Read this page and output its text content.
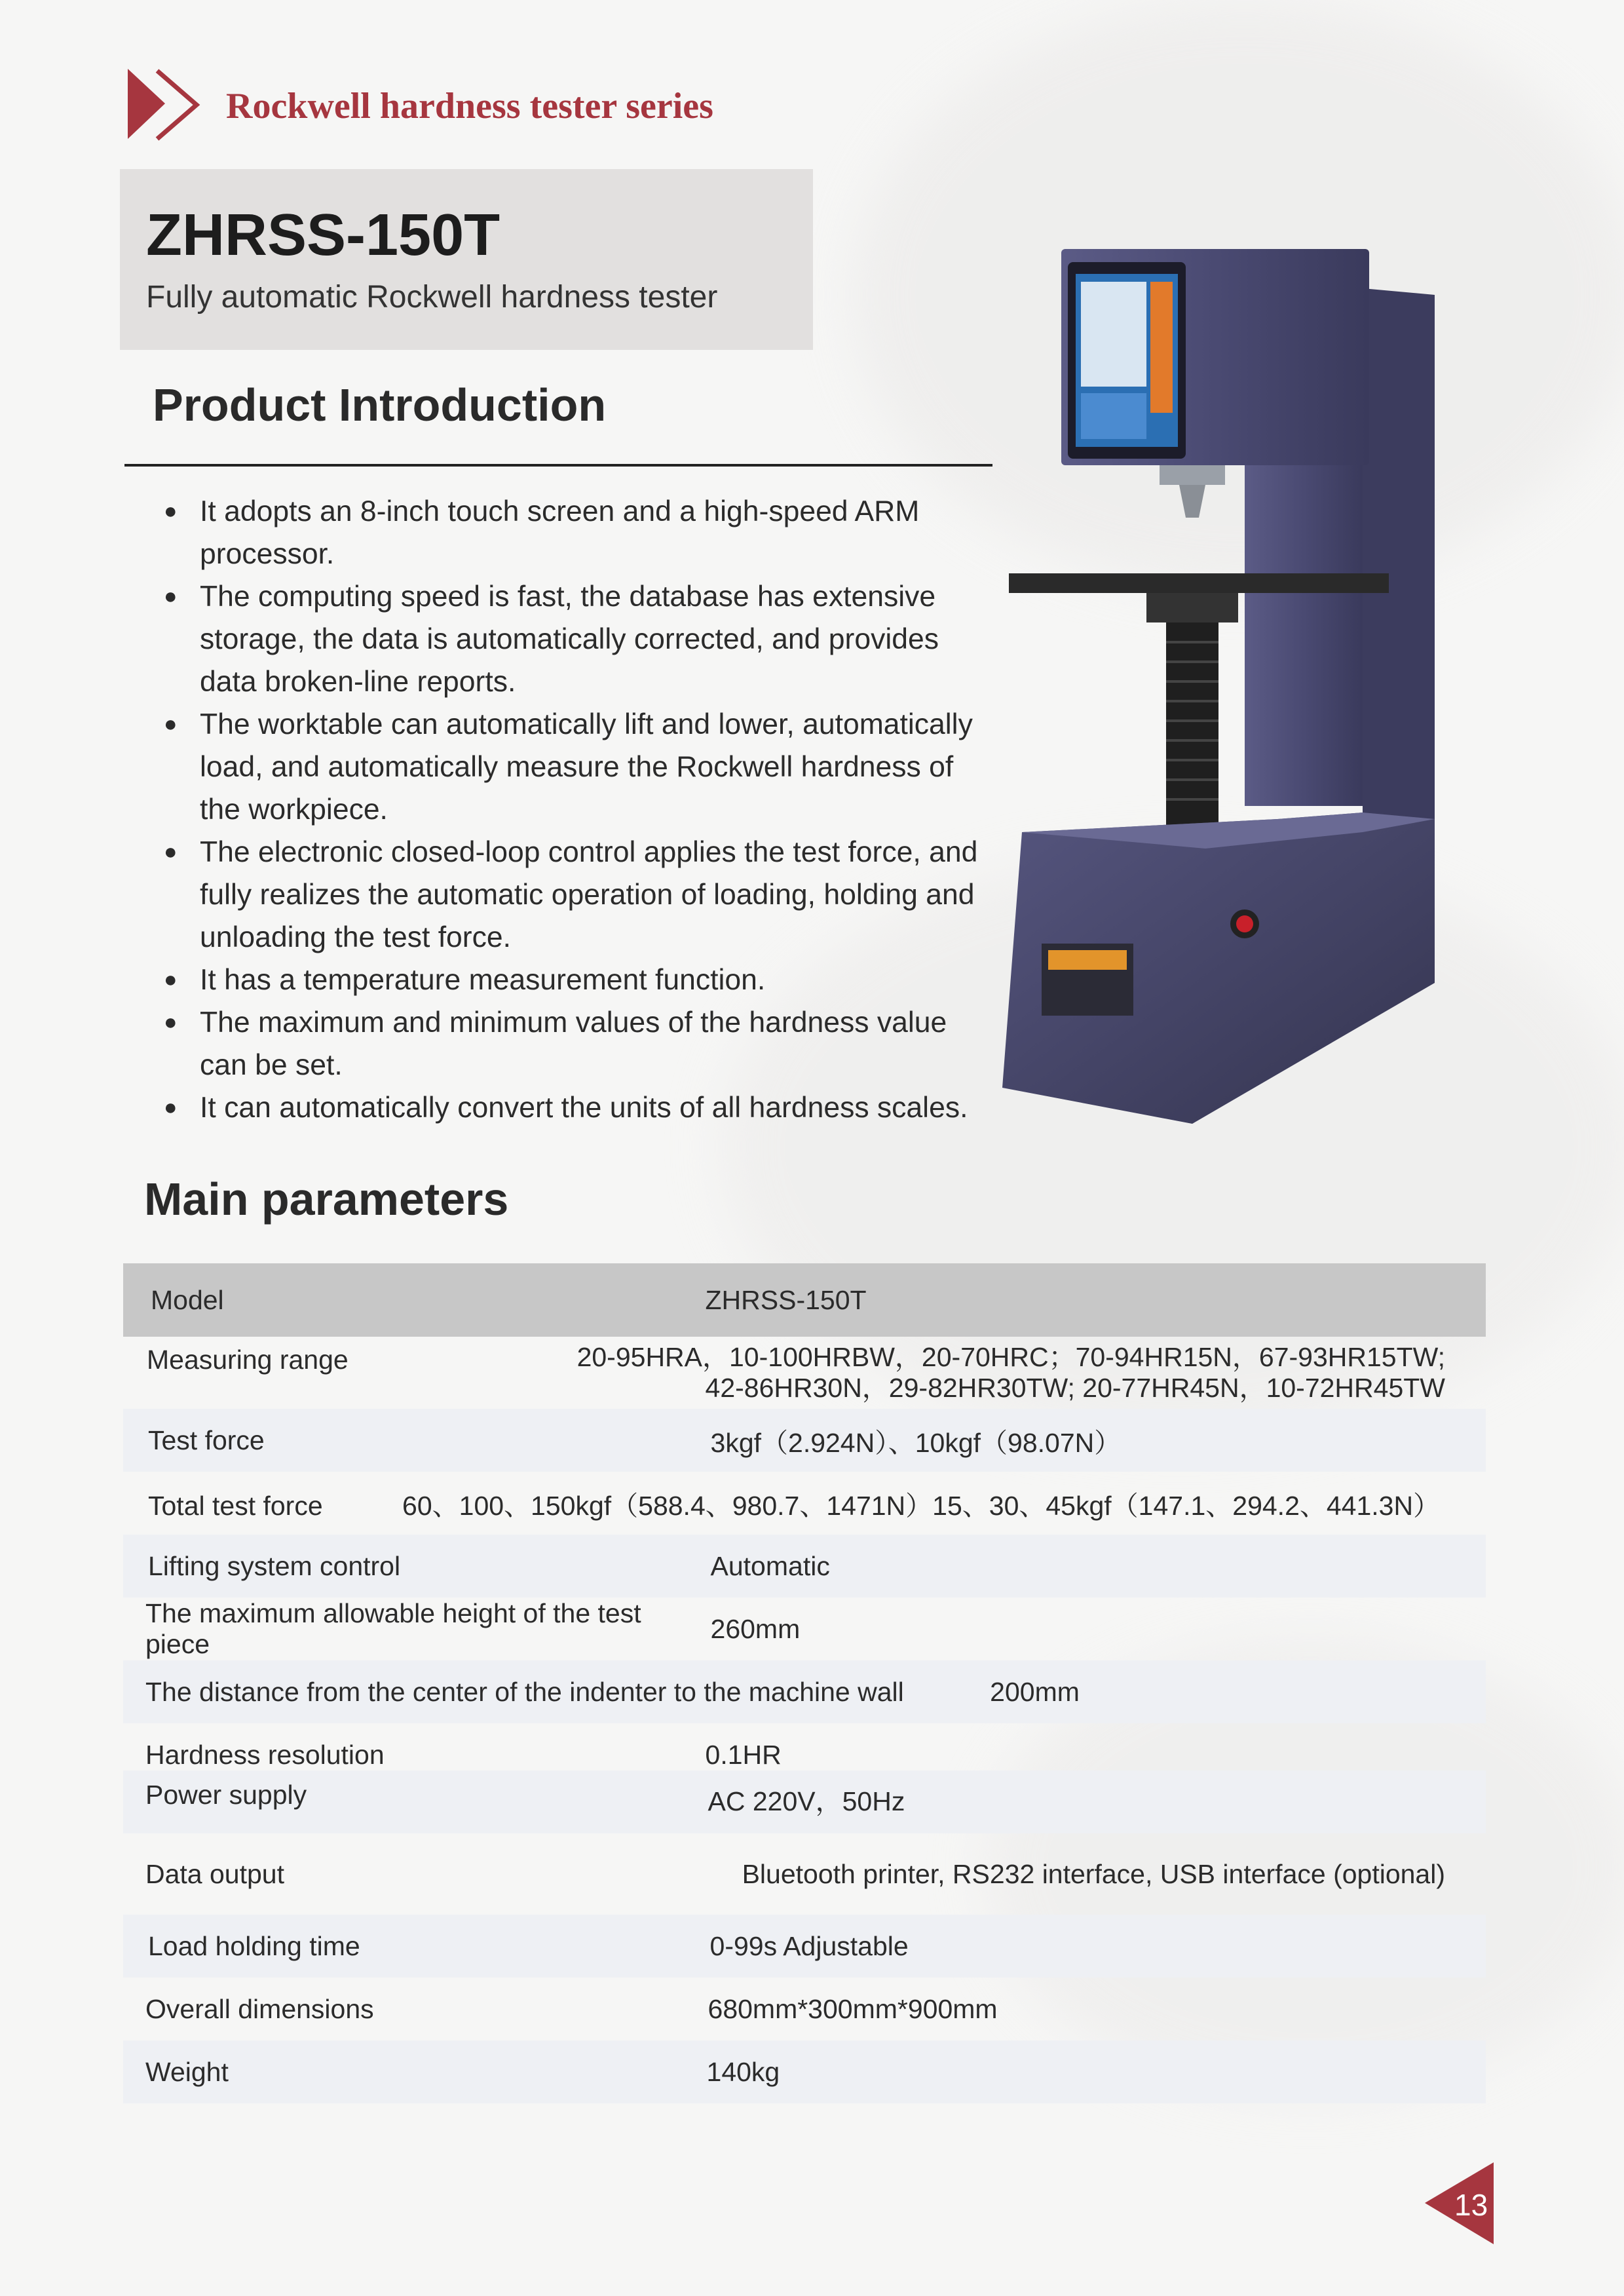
Rockwell hardness tester series
ZHRSS-150T
Fully automatic Rockwell hardness tester
Product Introduction
● It adopts an 8-inch touch screen and a high-speed ARM processor.
● The computing speed is fast, the database has extensive storage, the data is automatically corrected, and provides data broken-line reports.
● The worktable can automatically lift and lower, automatically load, and automatically measure the Rockwell hardness of the workpiece.
● The electronic closed-loop control applies the test force, and fully realizes the automatic operation of loading, holding and unloading the test force.
● It has a temperature measurement function.
● The maximum and minimum values of the hardness value can be set.
● It can automatically convert the units of all hardness scales.
Main parameters
Model	ZHRSS-150T
Measuring range	20-95HRA，10-100HRBW，20-70HRC；70-94HR15N，67-93HR15TW;
42-86HR30N，29-82HR30TW; 20-77HR45N，10-72HR45TW

Test force	3kgf（2.924N）、10kgf（98.07N）
Total test force 60、100、150kgf（588.4、980.7、1471N）15、30、45kgf（147.1、294.2、441.3N）	
Lifting system control	Automatic
The maximum allowable height of the test piece	260mm
The distance from the center of the indenter to the machine wall 200mm	
Hardness resolution	0.1HR
Power supply	AC 220V，50Hz
Data output	Bluetooth printer, RS232 interface, USB interface (optional)
Load holding time	0-99s Adjustable
Overall dimensions	680mm*300mm*900mm
Weight	140kg
13
